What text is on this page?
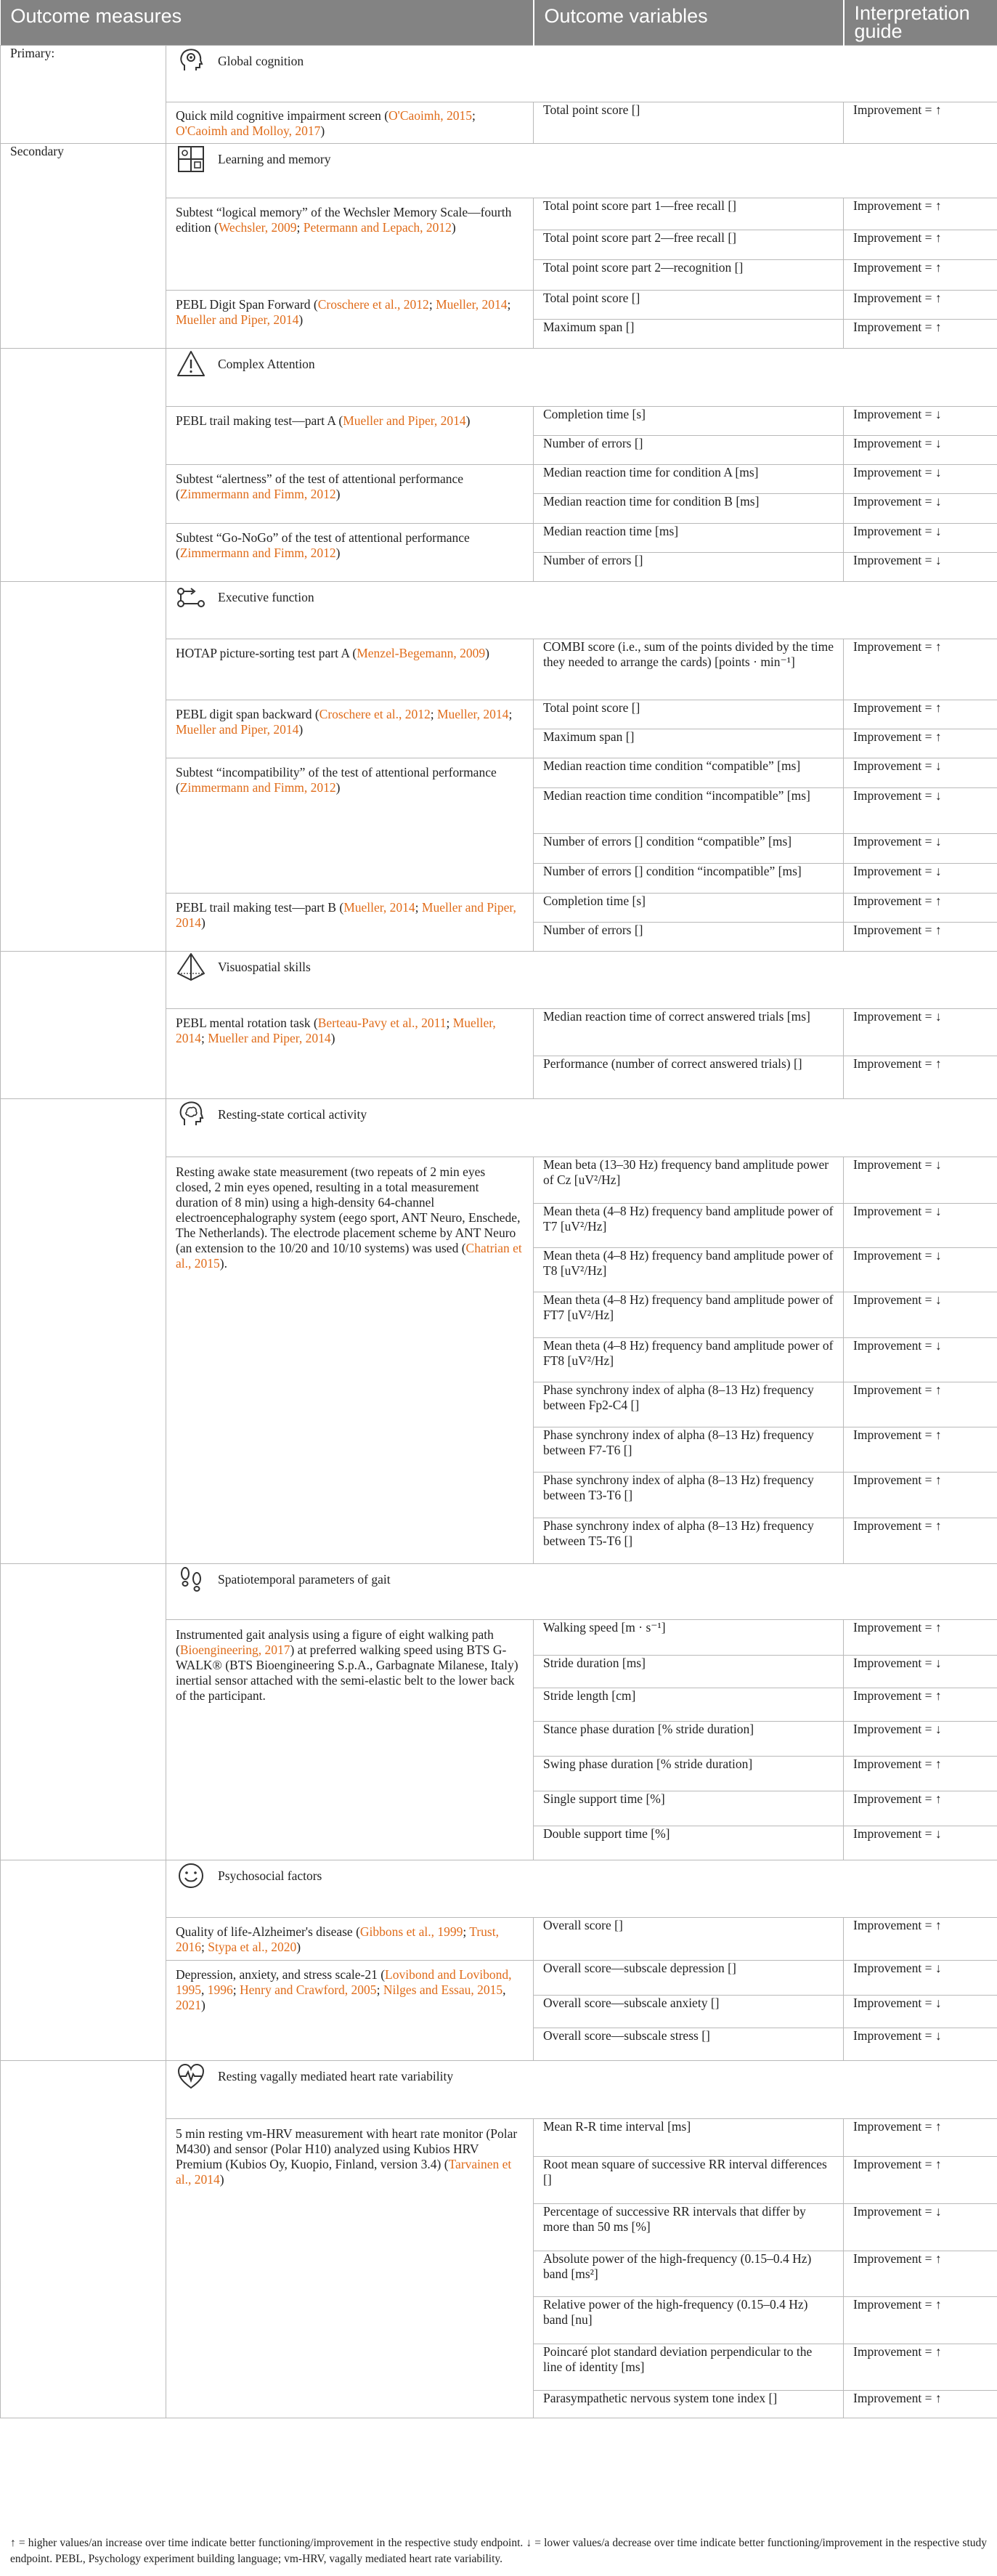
Outcome measures		Outcome variables	Interpretation guide
Primary:	Global cognition		

	Quick mild cognitive impairment screen (O'Caoimh, 2015; O'Caoimh and Molloy, 2017)	Total point score []	Improvement = ↑

Secondary	Learning and memory		

	Subtest “logical memory” of the Wechsler Memory Scale—fourth edition (Wechsler, 2009; Petermann and Lepach, 2012)	Total point score part 1—free recall []	Improvement = ↑

Total point score part 2—free recall []	Improvement = ↑

Total point score part 2—recognition []	Improvement = ↑

	PEBL Digit Span Forward (Croschere et al., 2012; Mueller, 2014; Mueller and Piper, 2014)	Total point score []	Improvement = ↑

Maximum span []	Improvement = ↑

	Complex Attention		

	PEBL trail making test—part A (Mueller and Piper, 2014)	Completion time [s]	Improvement = ↓

Number of errors []	Improvement = ↓

	Subtest “alertness” of the test of attentional performance (Zimmermann and Fimm, 2012)	Median reaction time for condition A [ms]	Improvement = ↓

Median reaction time for condition B [ms]	Improvement = ↓

	Subtest “Go-NoGo” of the test of attentional performance (Zimmermann and Fimm, 2012)	Median reaction time [ms]	Improvement = ↓

Number of errors []	Improvement = ↓

	Executive function		

	HOTAP picture-sorting test part A (Menzel-Begemann, 2009)	COMBI score (i.e., sum of the points divided by the time they needed to arrange the cards) [points · min⁻¹]	Improvement = ↑

	PEBL digit span backward (Croschere et al., 2012; Mueller, 2014; Mueller and Piper, 2014)	Total point score []	Improvement = ↑

Maximum span []	Improvement = ↑

	Subtest “incompatibility” of the test of attentional performance (Zimmermann and Fimm, 2012)	Median reaction time condition “compatible” [ms]	Improvement = ↓

Median reaction time condition “incompatible” [ms]	Improvement = ↓

Number of errors [] condition “compatible” [ms]	Improvement = ↓

Number of errors [] condition “incompatible” [ms]	Improvement = ↓

	PEBL trail making test—part B (Mueller, 2014; Mueller and Piper, 2014)	Completion time [s]	Improvement = ↑

Number of errors []	Improvement = ↑

	Visuospatial skills		

	PEBL mental rotation task (Berteau-Pavy et al., 2011; Mueller, 2014; Mueller and Piper, 2014)	Median reaction time of correct answered trials [ms]	Improvement = ↓

Performance (number of correct answered trials) []	Improvement = ↑

	Resting-state cortical activity		

	Resting awake state measurement (two repeats of 2 min eyes closed, 2 min eyes opened, resulting in a total measurement duration of 8 min) using a high-density 64-channel electroencephalography system (eego sport, ANT Neuro, Enschede, The Netherlands). The electrode placement scheme by ANT Neuro (an extension to the 10/20 and 10/10 systems) was used (Chatrian et al., 2015).	Mean beta (13–30 Hz) frequency band amplitude power of Cz [uV²/Hz]	Improvement = ↓

Mean theta (4–8 Hz) frequency band amplitude power of T7 [uV²/Hz]	Improvement = ↓

Mean theta (4–8 Hz) frequency band amplitude power of T8 [uV²/Hz]	Improvement = ↓

Mean theta (4–8 Hz) frequency band amplitude power of FT7 [uV²/Hz]	Improvement = ↓

Mean theta (4–8 Hz) frequency band amplitude power of FT8 [uV²/Hz]	Improvement = ↓

Phase synchrony index of alpha (8–13 Hz) frequency between Fp2-C4 []	Improvement = ↑

Phase synchrony index of alpha (8–13 Hz) frequency between F7-T6 []	Improvement = ↑

Phase synchrony index of alpha (8–13 Hz) frequency between T3-T6 []	Improvement = ↑

Phase synchrony index of alpha (8–13 Hz) frequency between T5-T6 []	Improvement = ↑

	Spatiotemporal parameters of gait		

	Instrumented gait analysis using a figure of eight walking path (Bioengineering, 2017) at preferred walking speed using BTS G-WALK® (BTS Bioengineering S.p.A., Garbagnate Milanese, Italy) inertial sensor attached with the semi-elastic belt to the lower back of the participant.	Walking speed [m · s⁻¹]	Improvement = ↑

Stride duration [ms]	Improvement = ↓

Stride length [cm]	Improvement = ↑

Stance phase duration [% stride duration]	Improvement = ↓

Swing phase duration [% stride duration]	Improvement = ↑

Single support time [%]	Improvement = ↑

Double support time [%]	Improvement = ↓

	Psychosocial factors		

	Quality of life-Alzheimer's disease (Gibbons et al., 1999; Trust, 2016; Stypa et al., 2020)	Overall score []	Improvement = ↑

	Depression, anxiety, and stress scale-21 (Lovibond and Lovibond, 1995, 1996; Henry and Crawford, 2005; Nilges and Essau, 2015, 2021)	Overall score—subscale depression []	Improvement = ↓

Overall score—subscale anxiety []	Improvement = ↓

Overall score—subscale stress []	Improvement = ↓

	Resting vagally mediated heart rate variability		

	5 min resting vm-HRV measurement with heart rate monitor (Polar M430) and sensor (Polar H10) analyzed using Kubios HRV Premium (Kubios Oy, Kuopio, Finland, version 3.4) (Tarvainen et al., 2014)	Mean R-R time interval [ms]	Improvement = ↑

Root mean square of successive RR interval differences []	Improvement = ↑

Percentage of successive RR intervals that differ by more than 50 ms [%]	Improvement = ↓

Absolute power of the high-frequency (0.15–0.4 Hz) band [ms²]	Improvement = ↑

Relative power of the high-frequency (0.15–0.4 Hz) band [nu]	Improvement = ↑

Poincaré plot standard deviation perpendicular to the line of identity [ms]	Improvement = ↑

Parasympathetic nervous system tone index []	Improvement = ↑
↑ = higher values/an increase over time indicate better functioning/improvement in the respective study endpoint. ↓ = lower values/a decrease over time indicate better functioning/improvement in the respective study endpoint. PEBL, Psychology experiment building language; vm-HRV, vagally mediated heart rate variability.
